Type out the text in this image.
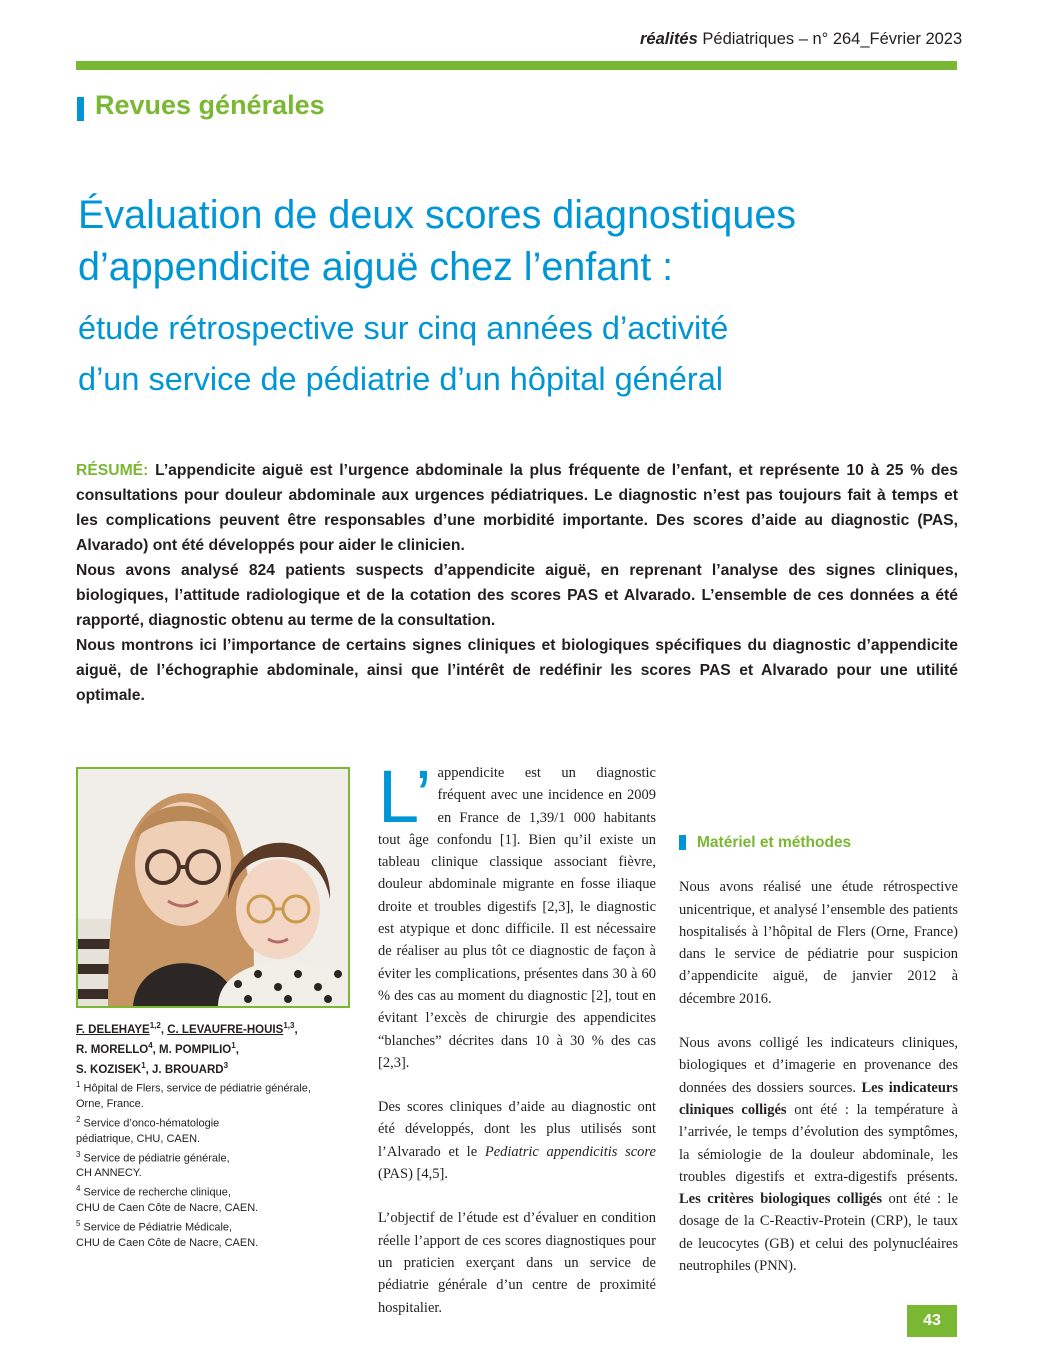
réalités Pédiatriques – n° 264_Février 2023
Revues générales
Évaluation de deux scores diagnostiques
d’appendicite aiguë chez l’enfant :
étude rétrospective sur cinq années d’activité
d’un service de pédiatrie d’un hôpital général

RÉSUMÉ: L’appendicite aiguë est l’urgence abdominale la plus fréquente de l’enfant, et représente 10 à 25 % des consultations pour douleur abdominale aux urgences pédiatriques. Le diagnostic n’est pas toujours fait à temps et les complications peuvent être responsables d’une morbidité importante. Des scores d’aide au diagnostic (PAS, Alvarado) ont été développés pour aider le clinicien.

Nous avons analysé 824 patients suspects d’appendicite aiguë, en reprenant l’analyse des signes cliniques, biologiques, l’attitude radiologique et de la cotation des scores PAS et Alvarado. L’ensemble de ces données a été rapporté, diagnostic obtenu au terme de la consultation.

Nous montrons ici l’importance de certains signes cliniques et biologiques spécifiques du diagnostic d’appendicite aiguë, de l’échographie abdominale, ainsi que l’intérêt de redéfinir les scores PAS et Alvarado pour une utilité optimale.

F. DELEHAYE$^{1,2}$, C. LEVAUFRE-HOUIS$^{1,3}$,
R. MORELLO$^4$, M. POMPILIO$^1$,
S. KOZISEK$^1$, J. BROUARD$^3$
$^1$ Hôpital de Flers, service de pédiatrie générale,
Orne, France.
$^2$ Service d’onco-hématologie
pédiatrique, CHU, CAEN.
$^3$ Service de pédiatrie générale,
CH ANNECY.
$^4$ Service de recherche clinique,
CHU de Caen Côte de Nacre, CAEN.
$^5$ Service de Pédiatrie Médicale,
CHU de Caen Côte de Nacre, CAEN.

L’ appendicite est un diagnostic fréquent avec une incidence en 2009 en France de 1,39/1 000 habitants tout âge confondu [1]. Bien qu’il existe un tableau clinique classique associant fièvre, douleur abdominale migrante en fosse iliaque droite et troubles digestifs [2,3], le diagnostic est atypique et donc difficile. Il est nécessaire de réaliser au plus tôt ce diagnostic de façon à éviter les complications, présentes dans 30 à 60 % des cas au moment du diagnostic [2], tout en évitant l’excès de chirurgie des appendicites “blanches” décrites dans 10 à 30 % des cas [2,3].

Des scores cliniques d’aide au diagnostic ont été développés, dont les plus utilisés sont l’Alvarado et le Pediatric appendicitis score (PAS) [4,5].

L’objectif de l’étude est d’évaluer en condition réelle l’apport de ces scores diagnostiques pour un praticien exerçant dans un service de pédiatrie générale d’un centre de proximité hospitalier.

Matériel et méthodes

Nous avons réalisé une étude rétrospective unicentrique, et analysé l’ensemble des patients hospitalisés à l’hôpital de Flers (Orne, France) dans le service de pédiatrie pour suspicion d’appendicite aiguë, de janvier 2012 à décembre 2016.

Nous avons colligé les indicateurs cliniques, biologiques et d’imagerie en provenance des données des dossiers sources. Les indicateurs cliniques colligés ont été : la température à l’arrivée, le temps d’évolution des symptômes, la sémiologie de la douleur abdominale, les troubles digestifs et extra-digestifs présents. Les critères biologiques colligés ont été : le dosage de la C-Reactiv-Protein (CRP), le taux de leucocytes (GB) et celui des polynucléaires neutrophiles (PNN).

43
